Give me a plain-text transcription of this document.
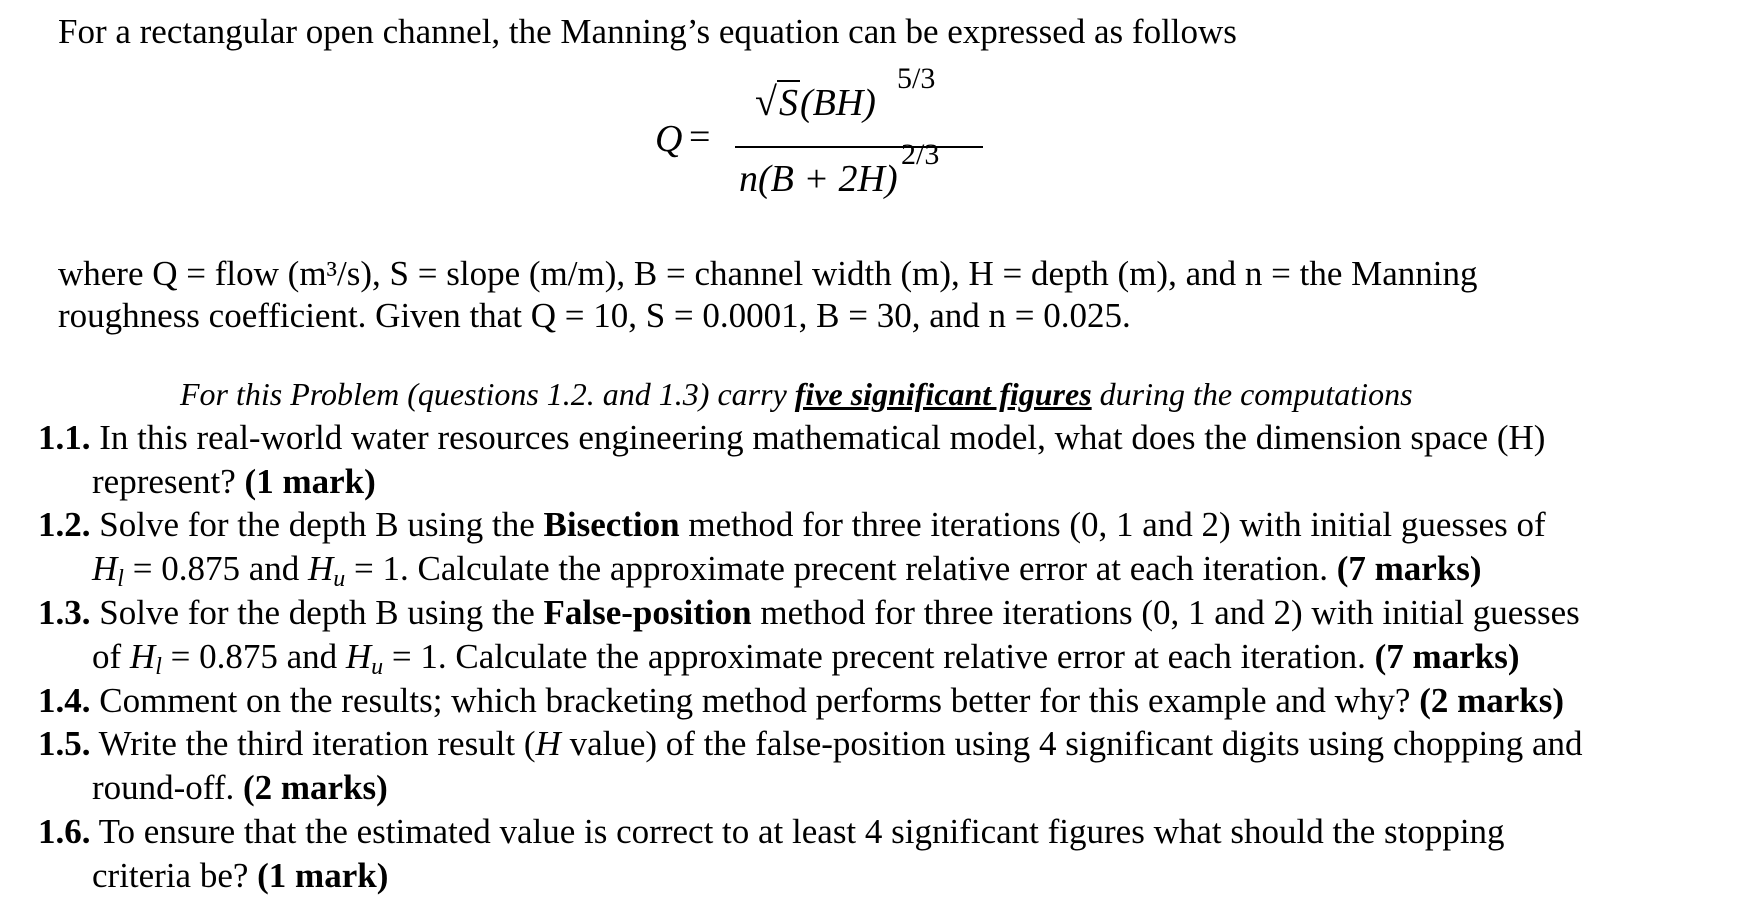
For a rectangular open channel, the Manning’s equation can be expressed as follows
Q =
√S(BH)
5/3
n(B + 2H)
2/3
where Q = flow (m³/s), S = slope (m/m), B = channel width (m), H = depth (m), and n = the Manning
roughness coefficient. Given that Q = 10, S = 0.0001, B = 30, and n = 0.025.
For this Problem (questions 1.2. and 1.3) carry five significant figures during the computations
1.1. In this real-world water resources engineering mathematical model, what does the dimension space (H)
represent? (1 mark)
1.2. Solve for the depth B using the Bisection method for three iterations (0, 1 and 2) with initial guesses of
$H_l = 0.875$ and $H_u = 1$. Calculate the approximate precent relative error at each iteration. (7 marks)
1.3. Solve for the depth B using the False-position method for three iterations (0, 1 and 2) with initial guesses
of $H_l = 0.875$ and $H_u = 1$. Calculate the approximate precent relative error at each iteration. (7 marks)
1.4. Comment on the results; which bracketing method performs better for this example and why? (2 marks)
1.5. Write the third iteration result (H value) of the false-position using 4 significant digits using chopping and
round-off. (2 marks)
1.6. To ensure that the estimated value is correct to at least 4 significant figures what should the stopping
criteria be? (1 mark)
